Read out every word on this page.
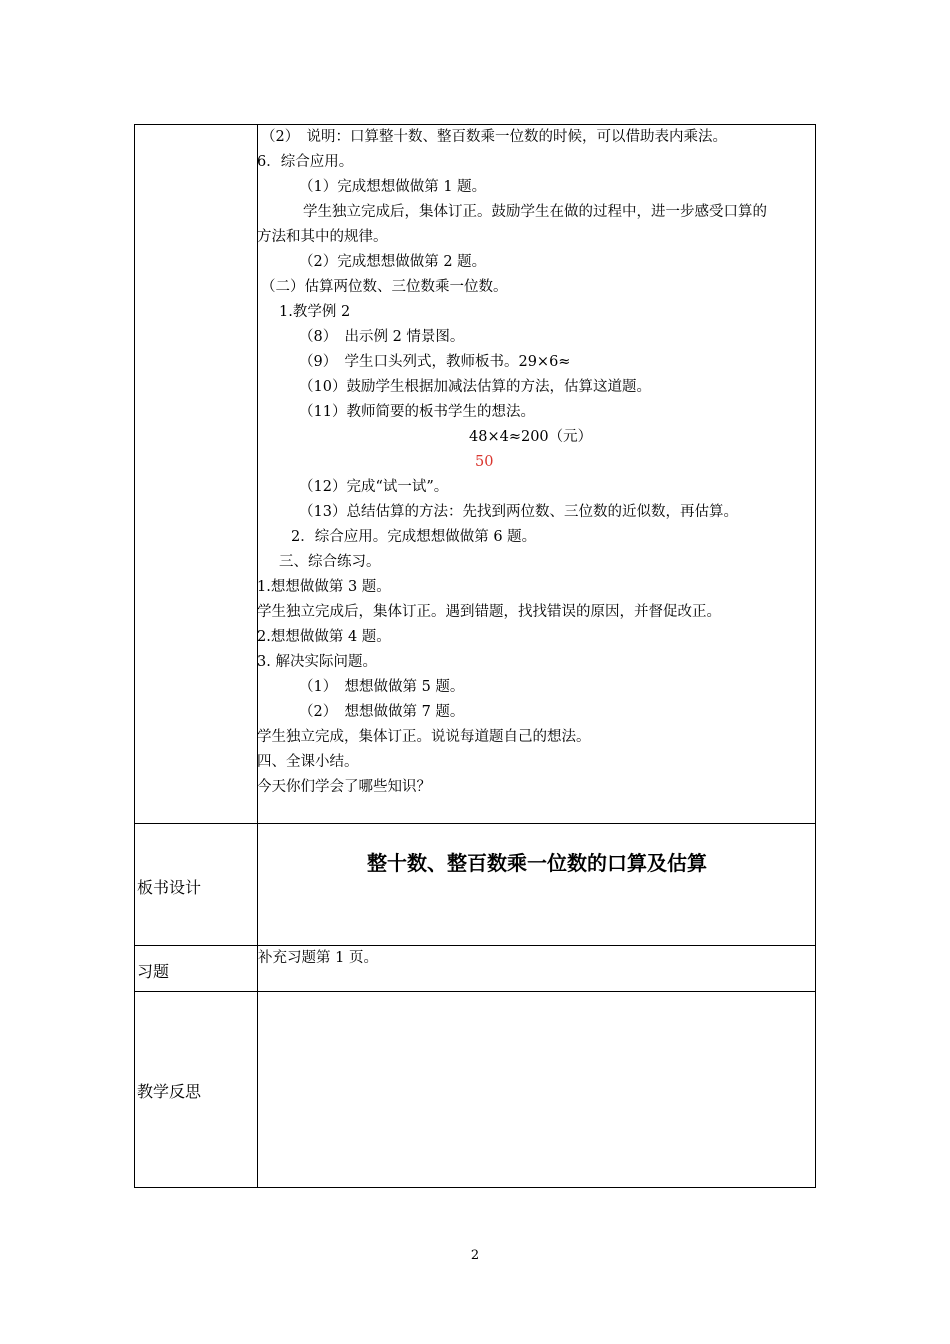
（2）　说明：口算整十数、整百数乘一位数的时候，可以借助表内乘法。
6．综合应用。
（1）完成想想做做第 1 题。
学生独立完成后，集体订正。鼓励学生在做的过程中，进一步感受口算的
方法和其中的规律。
（2）完成想想做做第 2 题。
（二）估算两位数、三位数乘一位数。
1.教学例 2
（8）　出示例 2 情景图。
（9）　学生口头列式，教师板书。29×6≈
（10）鼓励学生根据加减法估算的方法，估算这道题。
（11）教师简要的板书学生的想法。
48×4≈200（元）
50
（12）完成“试一试”。
（13）总结估算的方法：先找到两位数、三位数的近似数，再估算。
2．综合应用。完成想想做做第 6 题。
三、综合练习。
1.想想做做第 3 题。
学生独立完成后，集体订正。遇到错题，找找错误的原因，并督促改正。
2.想想做做第 4 题。
3. 解决实际问题。
（1）　想想做做第 5 题。
（2）　想想做做第 7 题。
学生独立完成，集体订正。说说每道题自己的想法。
四、全课小结。
今天你们学会了哪些知识？
板书设计
整十数、整百数乘一位数的口算及估算
习题
补充习题第 1 页。
教学反思
2
